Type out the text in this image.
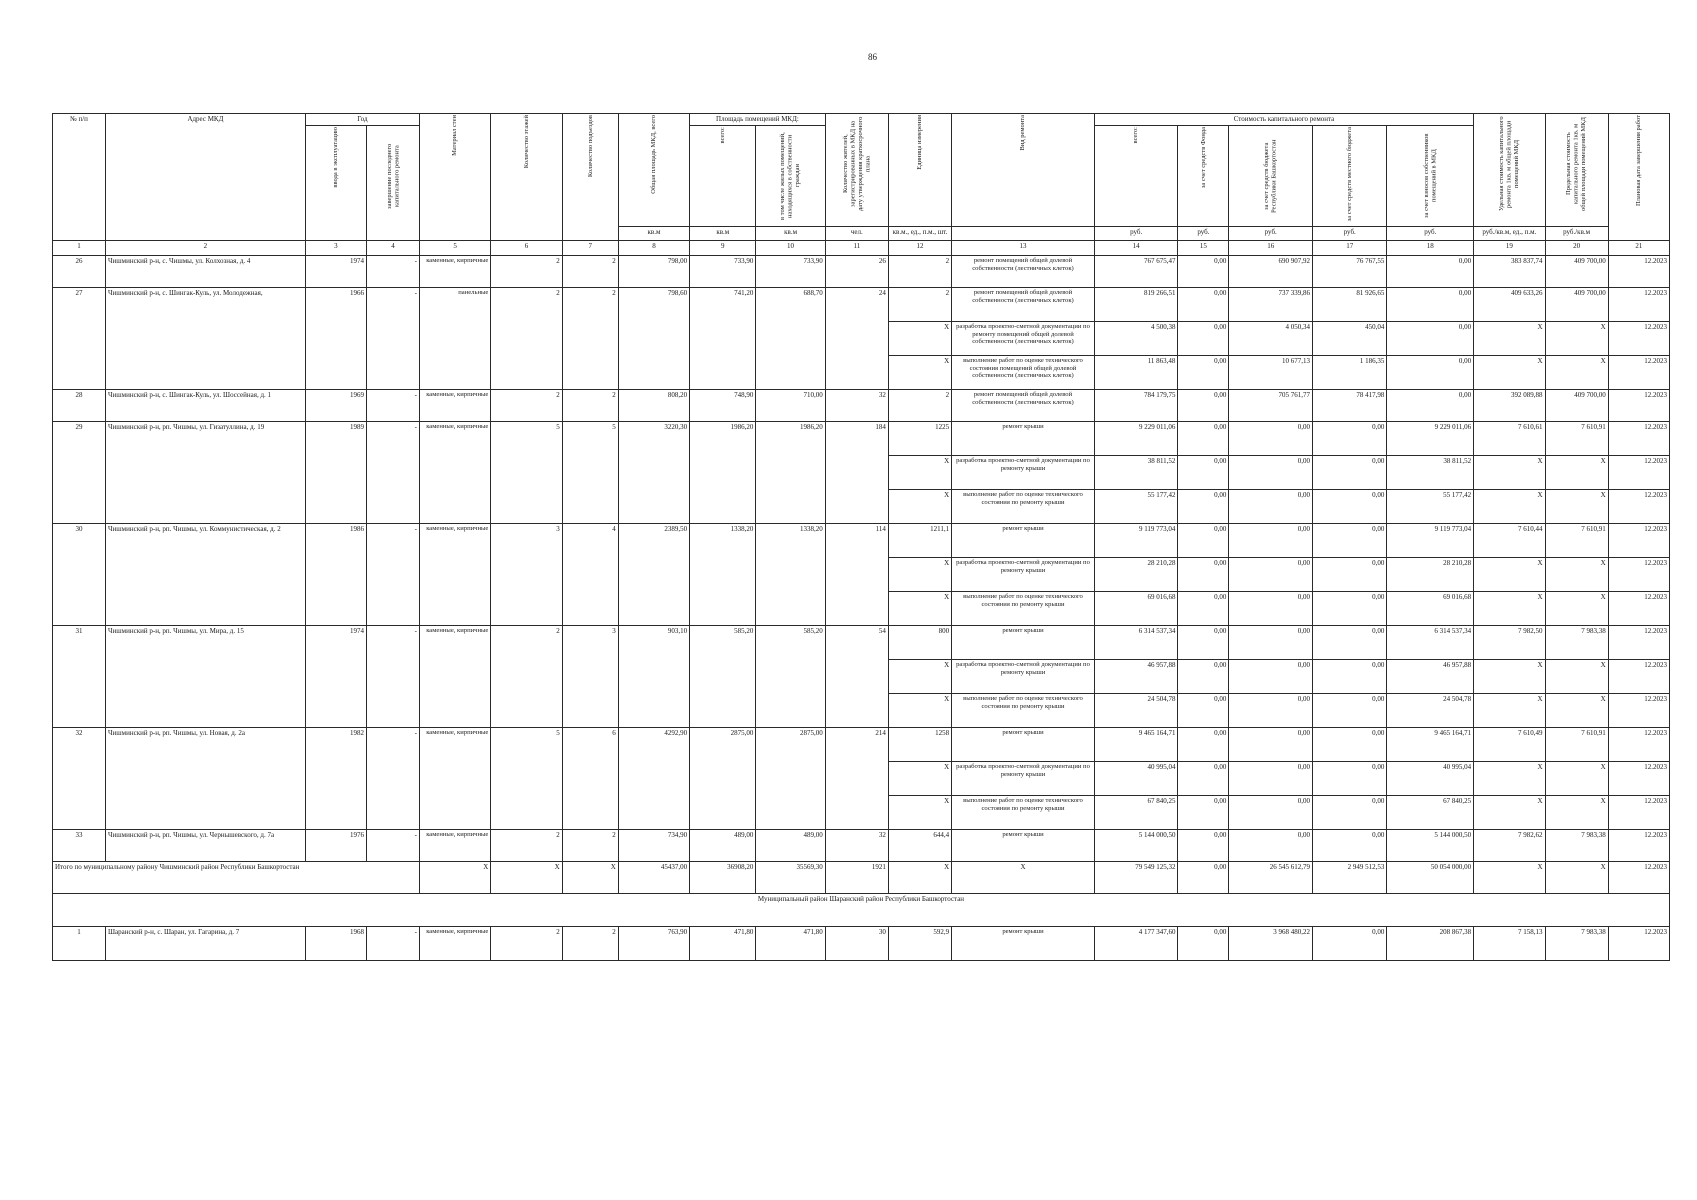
86
№ п/п	Адрес МКД	Год		Материал стен	Количество этажей	Количество подъездов	Общая площадь МКД, всего	Площадь помещений МКД:		Количество жителей, зарегистрированных в МКД на дату утверждения краткосрочного плана	Единица измерения	Вид ремонта	Стоимость капитального ремонта					Удельная стоимость капитального ремонта 1кв. м общей площади помещений МКД	Предельная стоимость капитального ремонта 1кв. м общей площади помещений МКД	Плановая дата завершения работ

		ввода в эксплуатацию	завершение последнего капитального ремонта					всего:	в том числе жилых помещений, находящихся в собственности граждан				всего:	за счет средств Фонда	за счет средств бюджета Республики Башкортостан	за счет средств местного бюджета	за счет взносов собственников помещений в МКД			

							кв.м	кв.м	кв.м	чел.	кв.м., ед., п.м., шт.		руб.	руб.	руб.	руб.	руб.	руб./кв.м, ед., п.м.	руб./кв.м	
1	2	3	4	5	6	7	8	9	10	11	12	13	14	15	16	17	18	19	20	21
26	Чишминский р-н, с. Чишмы, ул. Колхозная, д. 4	1974	-	каменные, кирпичные	2	2	798,00	733,90	733,90	26	2	ремонт помещений общей долевой собственности (лестничных клеток)	767 675,47	0,00	690 907,92	76 767,55	0,00	383 837,74	409 700,00	12.2023
27	Чишминский р-н, с. Шингак-Куль, ул. Молодежная,	1966	-	панельные	2	2	798,60	741,20	688,70	24	2	ремонт помещений общей долевой собственности (лестничных клеток)	819 266,51	0,00	737 339,86	81 926,65	0,00	409 633,26	409 700,00	12.2023
											X	разработка проектно-сметной документации по ремонту помещений общей долевой собственности (лестничных клеток)	4 500,38	0,00	4 050,34	450,04	0,00	X	X	12.2023
											X	выполнение работ по оценке технического состояния помещений общей долевой собственности (лестничных клеток)	11 863,48	0,00	10 677,13	1 186,35	0,00	X	X	12.2023
28	Чишминский р-н, с. Шингак-Куль, ул. Шоссейная, д. 1	1969	-	каменные, кирпичные	2	2	808,20	748,90	710,00	32	2	ремонт помещений общей долевой собственности (лестничных клеток)	784 179,75	0,00	705 761,77	78 417,98	0,00	392 089,88	409 700,00	12.2023
29	Чишминский р-н, рп. Чишмы, ул. Гизатуллина, д. 19	1989	-	каменные, кирпичные	5	5	3220,30	1986,20	1986,20	184	1225	ремонт крыши	9 229 011,06	0,00	0,00	0,00	9 229 011,06	7 610,61	7 610,91	12.2023
											X	разработка проектно-сметной документации по ремонту крыши	38 811,52	0,00	0,00	0,00	38 811,52	X	X	12.2023
											X	выполнение работ по оценке технического состояния по ремонту крыши	55 177,42	0,00	0,00	0,00	55 177,42	X	X	12.2023
30	Чишминский р-н, рп. Чишмы, ул. Коммунистическая, д. 2	1986	-	каменные, кирпичные	3	4	2389,50	1338,20	1338,20	114	1211,1	ремонт крыши	9 119 773,04	0,00	0,00	0,00	9 119 773,04	7 610,44	7 610,91	12.2023
											X	разработка проектно-сметной документации по ремонту крыши	28 210,28	0,00	0,00	0,00	28 210,28	X	X	12.2023
											X	выполнение работ по оценке технического состояния по ремонту крыши	69 016,68	0,00	0,00	0,00	69 016,68	X	X	12.2023
31	Чишминский р-н, рп. Чишмы, ул. Мира, д. 15	1974	-	каменные, кирпичные	2	3	903,10	585,20	585,20	54	800	ремонт крыши	6 314 537,34	0,00	0,00	0,00	6 314 537,34	7 982,50	7 983,38	12.2023
											X	разработка проектно-сметной документации по ремонту крыши	46 957,88	0,00	0,00	0,00	46 957,88	X	X	12.2023
											X	выполнение работ по оценке технического состояния по ремонту крыши	24 504,78	0,00	0,00	0,00	24 504,78	X	X	12.2023
32	Чишминский р-н, рп. Чишмы, ул. Новая, д. 2а	1982	-	каменные, кирпичные	5	6	4292,90	2875,00	2875,00	214	1258	ремонт крыши	9 465 164,71	0,00	0,00	0,00	9 465 164,71	7 610,49	7 610,91	12.2023
											X	разработка проектно-сметной документации по ремонту крыши	40 995,04	0,00	0,00	0,00	40 995,04	X	X	12.2023
											X	выполнение работ по оценке технического состояния по ремонту крыши	67 840,25	0,00	0,00	0,00	67 840,25	X	X	12.2023
33	Чишминский р-н, рп. Чишмы, ул. Чернышевского, д. 7а	1976	-	каменные, кирпичные	2	2	734,90	489,00	489,00	32	644,4	ремонт крыши	5 144 000,50	0,00	0,00	0,00	5 144 000,50	7 982,62	7 983,38	12.2023
Итого по муниципальному району Чишминский район Республики Башкортостан				X	X	X	45437,00	36908,20	35569,30	1921	X	X	79 549 125,32	0,00	26 545 612,79	2 949 512,53	50 054 000,00	X	X	12.2023
Муниципальный район Шаранский район Республики Башкортостан																				
1	Шаранский р-н, с. Шаран, ул. Гагарина, д. 7	1968	-	каменные, кирпичные	2	2	763,90	471,80	471,80	30	592,9	ремонт крыши	4 177 347,60	0,00	3 968 480,22	0,00	208 867,38	7 158,13	7 983,38	12.2023
